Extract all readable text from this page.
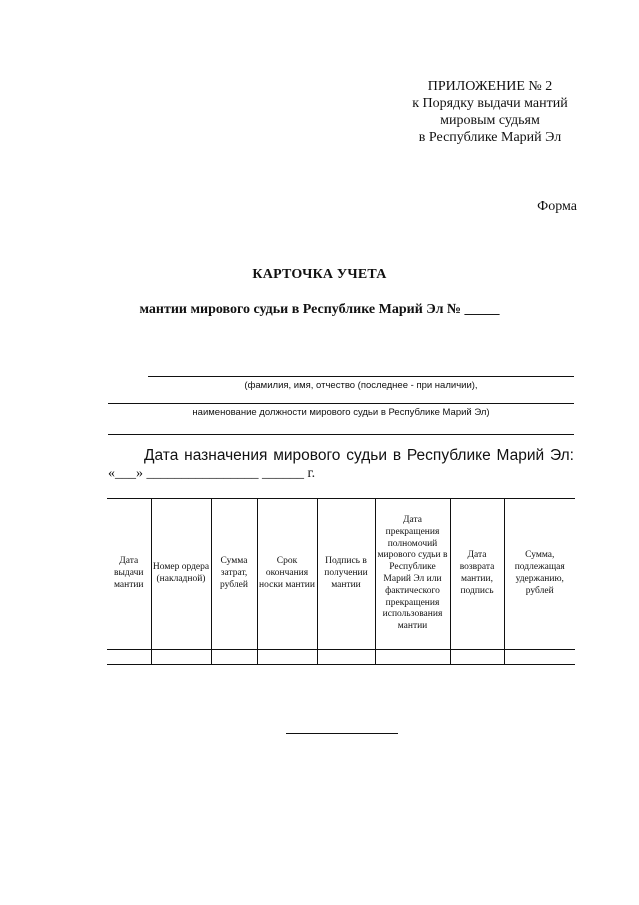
ПРИЛОЖЕНИЕ № 2
к Порядку выдачи мантий
мировым судьям
в Республике Марий Эл
Форма
КАРТОЧКА УЧЕТА
мантии мирового судьи в Республике Марий Эл № _____
(фамилия, имя, отчество (последнее - при наличии),
наименование должности мирового судьи в Республике Марий Эл)
Дата назначения мирового судьи в Республике Марий Эл:
«___» ________________ ______ г.
Дата выдачи мантии	Номер ордера (накладной)	Сумма затрат, рублей	Срок окончания носки мантии	Подпись в получении мантии	Дата прекращения полномочий мирового судьи в Республике Марий Эл или фактического прекращения использования мантии	Дата возврата мантии, подпись	Сумма, подлежащая удержанию, рублей
